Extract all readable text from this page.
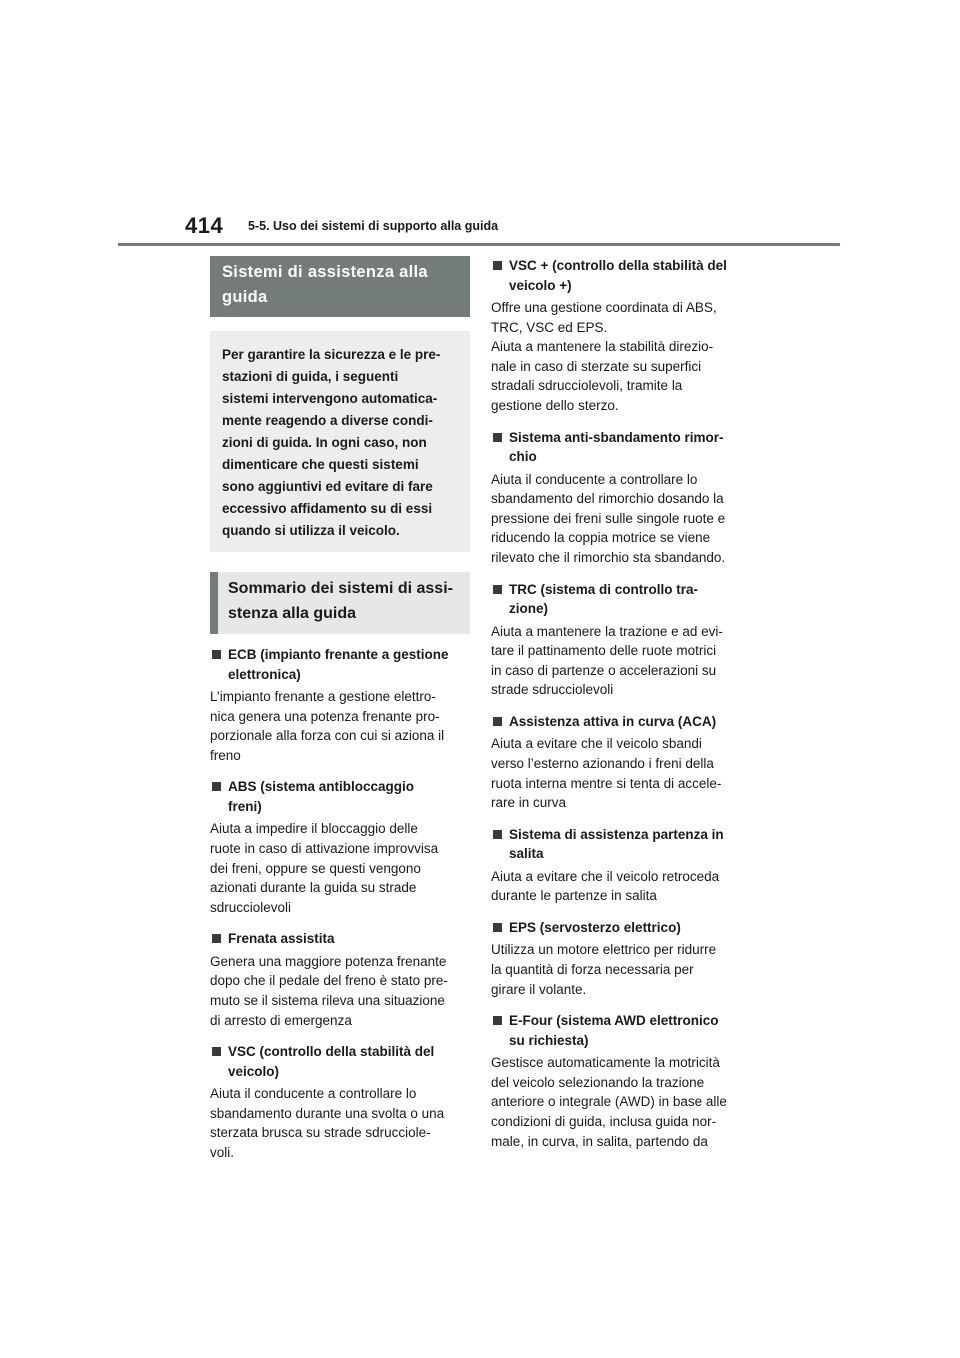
414 5-5. Uso dei sistemi di supporto alla guida
Sistemi di assistenza alla guida
Per garantire la sicurezza e le pre-
stazioni di guida, i seguenti
sistemi intervengono automatica-
mente reagendo a diverse condi-
zioni di guida. In ogni caso, non
dimenticare che questi sistemi
sono aggiuntivi ed evitare di fare
eccessivo affidamento su di essi
quando si utilizza il veicolo.
Sommario dei sistemi di assi-
stenza alla guida
ECB (impianto frenante a gestione
elettronica)
L’impianto frenante a gestione elettro-
nica genera una potenza frenante pro-
porzionale alla forza con cui si aziona il
freno
ABS (sistema antibloccaggio
freni)
Aiuta a impedire il bloccaggio delle
ruote in caso di attivazione improvvisa
dei freni, oppure se questi vengono
azionati durante la guida su strade
sdrucciolevoli
Frenata assistita
Genera una maggiore potenza frenante
dopo che il pedale del freno è stato pre-
muto se il sistema rileva una situazione
di arresto di emergenza
VSC (controllo della stabilità del
veicolo)
Aiuta il conducente a controllare lo
sbandamento durante una svolta o una
sterzata brusca su strade sdrucciole-
voli.
VSC + (controllo della stabilità del
veicolo +)
Offre una gestione coordinata di ABS,
TRC, VSC ed EPS.
Aiuta a mantenere la stabilità direzio-
nale in caso di sterzate su superfici
stradali sdrucciolevoli, tramite la
gestione dello sterzo.
Sistema anti-sbandamento rimor-
chio
Aiuta il conducente a controllare lo
sbandamento del rimorchio dosando la
pressione dei freni sulle singole ruote e
riducendo la coppia motrice se viene
rilevato che il rimorchio sta sbandando.
TRC (sistema di controllo tra-
zione)
Aiuta a mantenere la trazione e ad evi-
tare il pattinamento delle ruote motrici
in caso di partenze o accelerazioni su
strade sdrucciolevoli
Assistenza attiva in curva (ACA)
Aiuta a evitare che il veicolo sbandi
verso l’esterno azionando i freni della
ruota interna mentre si tenta di accele-
rare in curva
Sistema di assistenza partenza in
salita
Aiuta a evitare che il veicolo retroceda
durante le partenze in salita
EPS (servosterzo elettrico)
Utilizza un motore elettrico per ridurre
la quantità di forza necessaria per
girare il volante.
E-Four (sistema AWD elettronico
su richiesta)
Gestisce automaticamente la motricità
del veicolo selezionando la trazione
anteriore o integrale (AWD) in base alle
condizioni di guida, inclusa guida nor-
male, in curva, in salita, partendo da
